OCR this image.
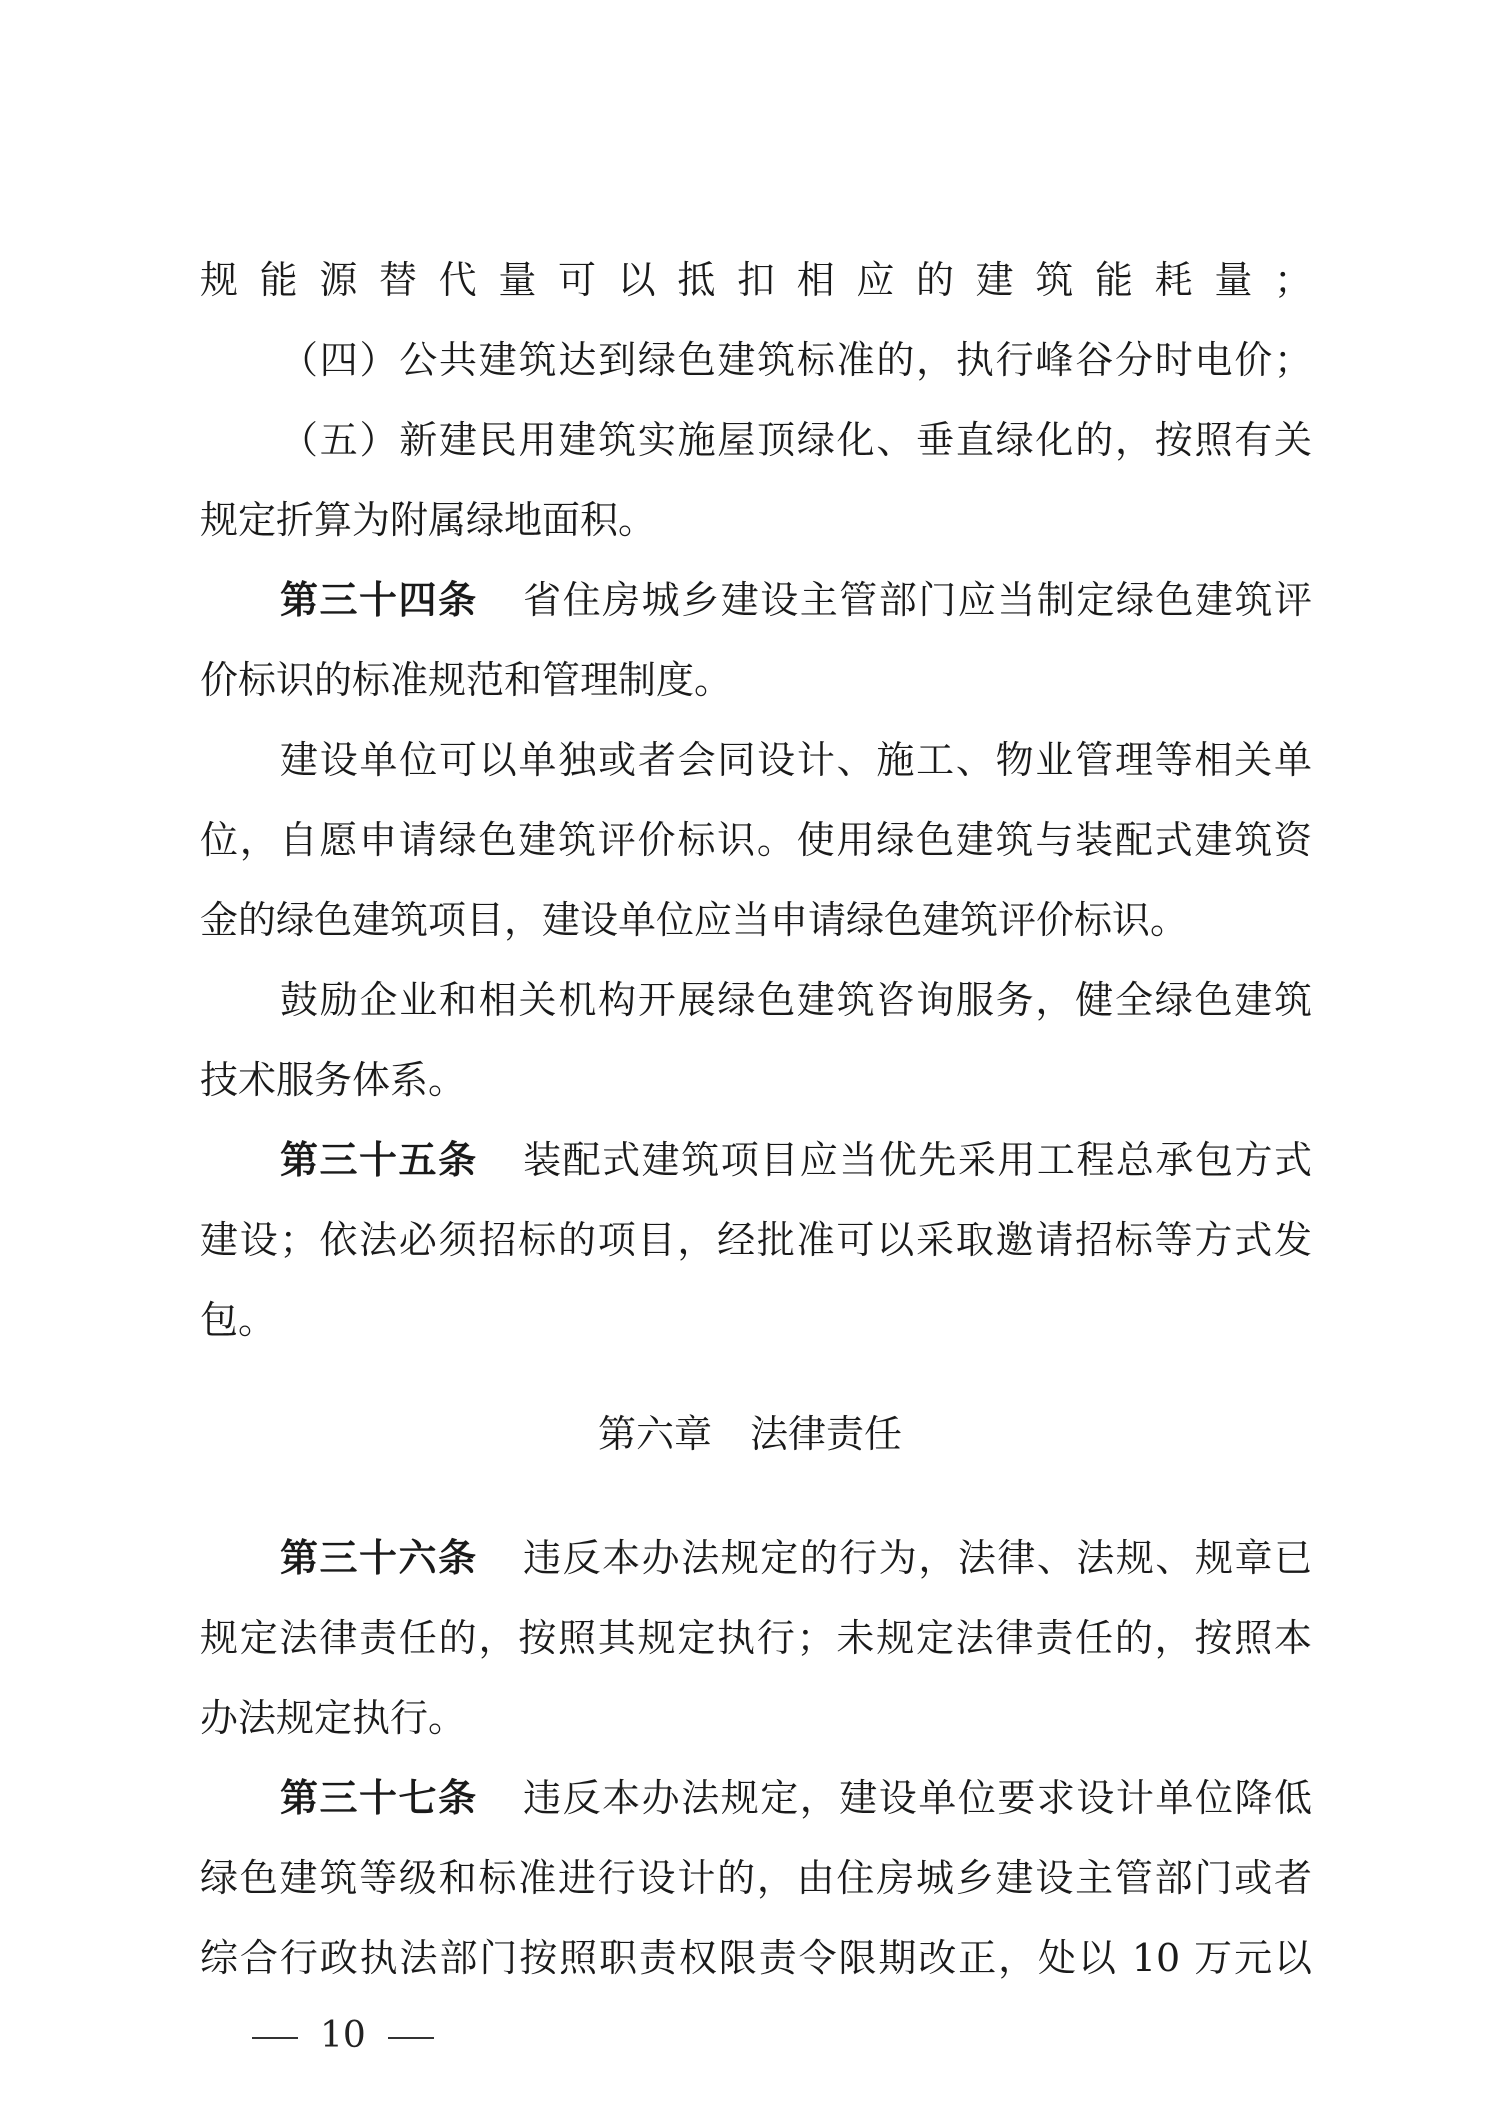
规能源替代量可以抵扣相应的建筑能耗量；
（四）公共建筑达到绿色建筑标准的，执行峰谷分时电价；
（五）新建民用建筑实施屋顶绿化、垂直绿化的，按照有关
规定折算为附属绿地面积。
第三十四条 省住房城乡建设主管部门应当制定绿色建筑评
价标识的标准规范和管理制度。
建设单位可以单独或者会同设计、施工、物业管理等相关单
位，自愿申请绿色建筑评价标识。使用绿色建筑与装配式建筑资
金的绿色建筑项目，建设单位应当申请绿色建筑评价标识。
鼓励企业和相关机构开展绿色建筑咨询服务，健全绿色建筑
技术服务体系。
第三十五条 装配式建筑项目应当优先采用工程总承包方式
建设；依法必须招标的项目，经批准可以采取邀请招标等方式发
包。
第六章 法律责任
第三十六条 违反本办法规定的行为，法律、法规、规章已
规定法律责任的，按照其规定执行；未规定法律责任的，按照本
办法规定执行。
第三十七条 违反本办法规定，建设单位要求设计单位降低
绿色建筑等级和标准进行设计的，由住房城乡建设主管部门或者
综合行政执法部门按照职责权限责令限期改正，处以 10 万元以
10
